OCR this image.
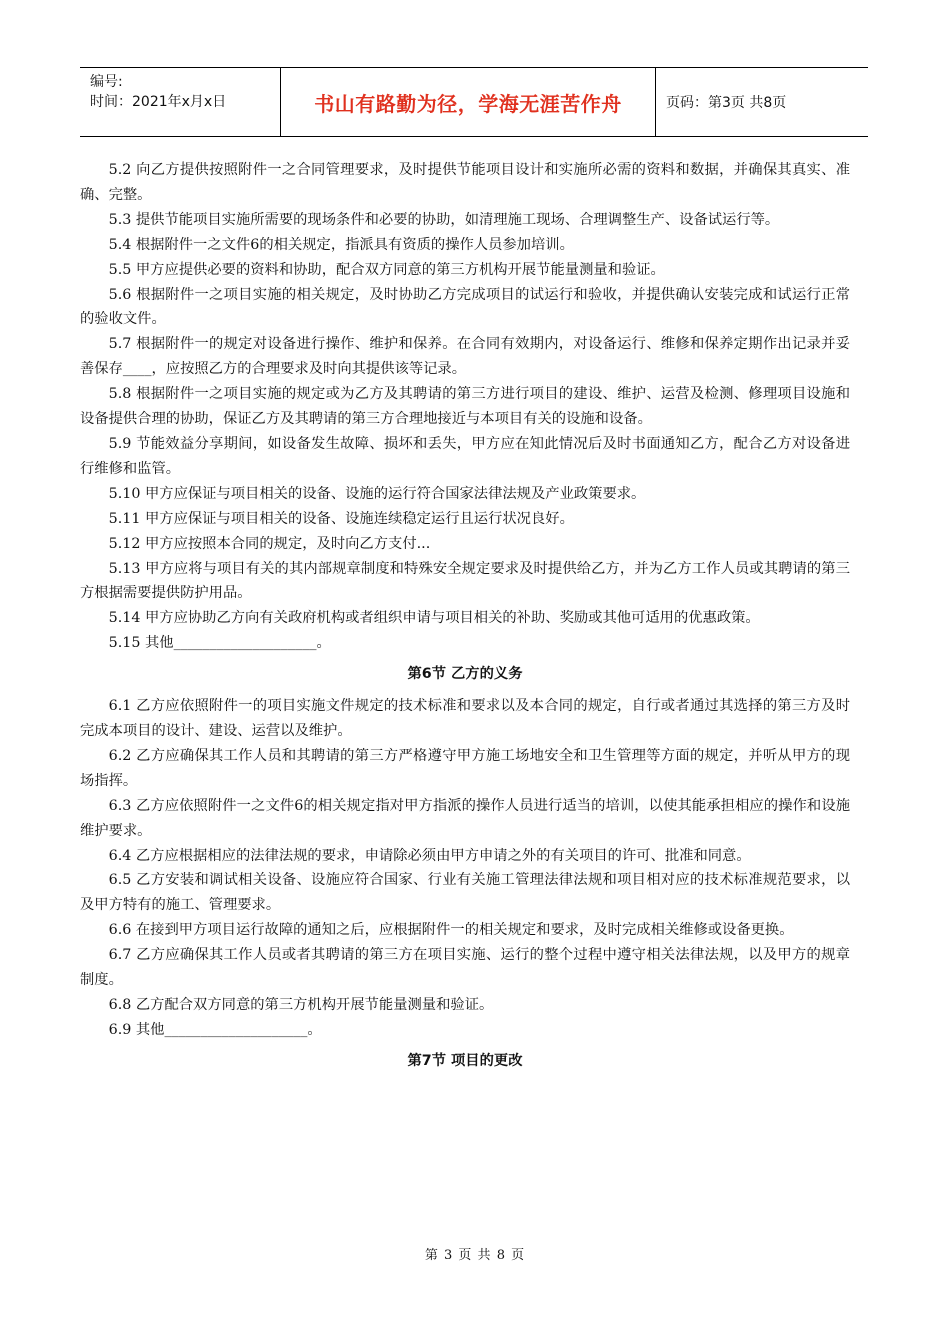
编号:
时间：2021年x月x日	书山有路勤为径，学海无涯苦作舟	页码：第3页 共8页

5.2 向乙方提供按照附件一之合同管理要求，及时提供节能项目设计和实施所必需的资料和数据，并确保其真实、准确、完整。

5.3 提供节能项目实施所需要的现场条件和必要的协助，如清理施工现场、合理调整生产、设备试运行等。

5.4 根据附件一之文件6的相关规定，指派具有资质的操作人员参加培训。

5.5 甲方应提供必要的资料和协助，配合双方同意的第三方机构开展节能量测量和验证。

5.6 根据附件一之项目实施的相关规定，及时协助乙方完成项目的试运行和验收，并提供确认安装完成和试运行正常的验收文件。

5.7 根据附件一的规定对设备进行操作、维护和保养。在合同有效期内，对设备运行、维修和保养定期作出记录并妥善保存____，应按照乙方的合理要求及时向其提供该等记录。

5.8 根据附件一之项目实施的规定或为乙方及其聘请的第三方进行项目的建设、维护、运营及检测、修理项目设施和设备提供合理的协助，保证乙方及其聘请的第三方合理地接近与本项目有关的设施和设备。

5.9 节能效益分享期间，如设备发生故障、损坏和丢失，甲方应在知此情况后及时书面通知乙方，配合乙方对设备进行维修和监管。

5.10 甲方应保证与项目相关的设备、设施的运行符合国家法律法规及产业政策要求。

5.11 甲方应保证与项目相关的设备、设施连续稳定运行且运行状况良好。

5.12 甲方应按照本合同的规定，及时向乙方支付...

5.13 甲方应将与项目有关的其内部规章制度和特殊安全规定要求及时提供给乙方，并为乙方工作人员或其聘请的第三方根据需要提供防护用品。

5.14 甲方应协助乙方向有关政府机构或者组织申请与项目相关的补助、奖励或其他可适用的优惠政策。

5.15 其他____________________。

第6节 乙方的义务

6.1 乙方应依照附件一的项目实施文件规定的技术标准和要求以及本合同的规定，自行或者通过其选择的第三方及时完成本项目的设计、建设、运营以及维护。

6.2 乙方应确保其工作人员和其聘请的第三方严格遵守甲方施工场地安全和卫生管理等方面的规定，并听从甲方的现场指挥。

6.3 乙方应依照附件一之文件6的相关规定指对甲方指派的操作人员进行适当的培训，以使其能承担相应的操作和设施维护要求。

6.4 乙方应根据相应的法律法规的要求，申请除必须由甲方申请之外的有关项目的许可、批准和同意。

6.5 乙方安装和调试相关设备、设施应符合国家、行业有关施工管理法律法规和项目相对应的技术标准规范要求，以及甲方特有的施工、管理要求。

6.6 在接到甲方项目运行故障的通知之后，应根据附件一的相关规定和要求，及时完成相关维修或设备更换。

6.7 乙方应确保其工作人员或者其聘请的第三方在项目实施、运行的整个过程中遵守相关法律法规，以及甲方的规章制度。

6.8 乙方配合双方同意的第三方机构开展节能量测量和验证。

6.9 其他____________________。

第7节 项目的更改
第 3 页 共 8 页
